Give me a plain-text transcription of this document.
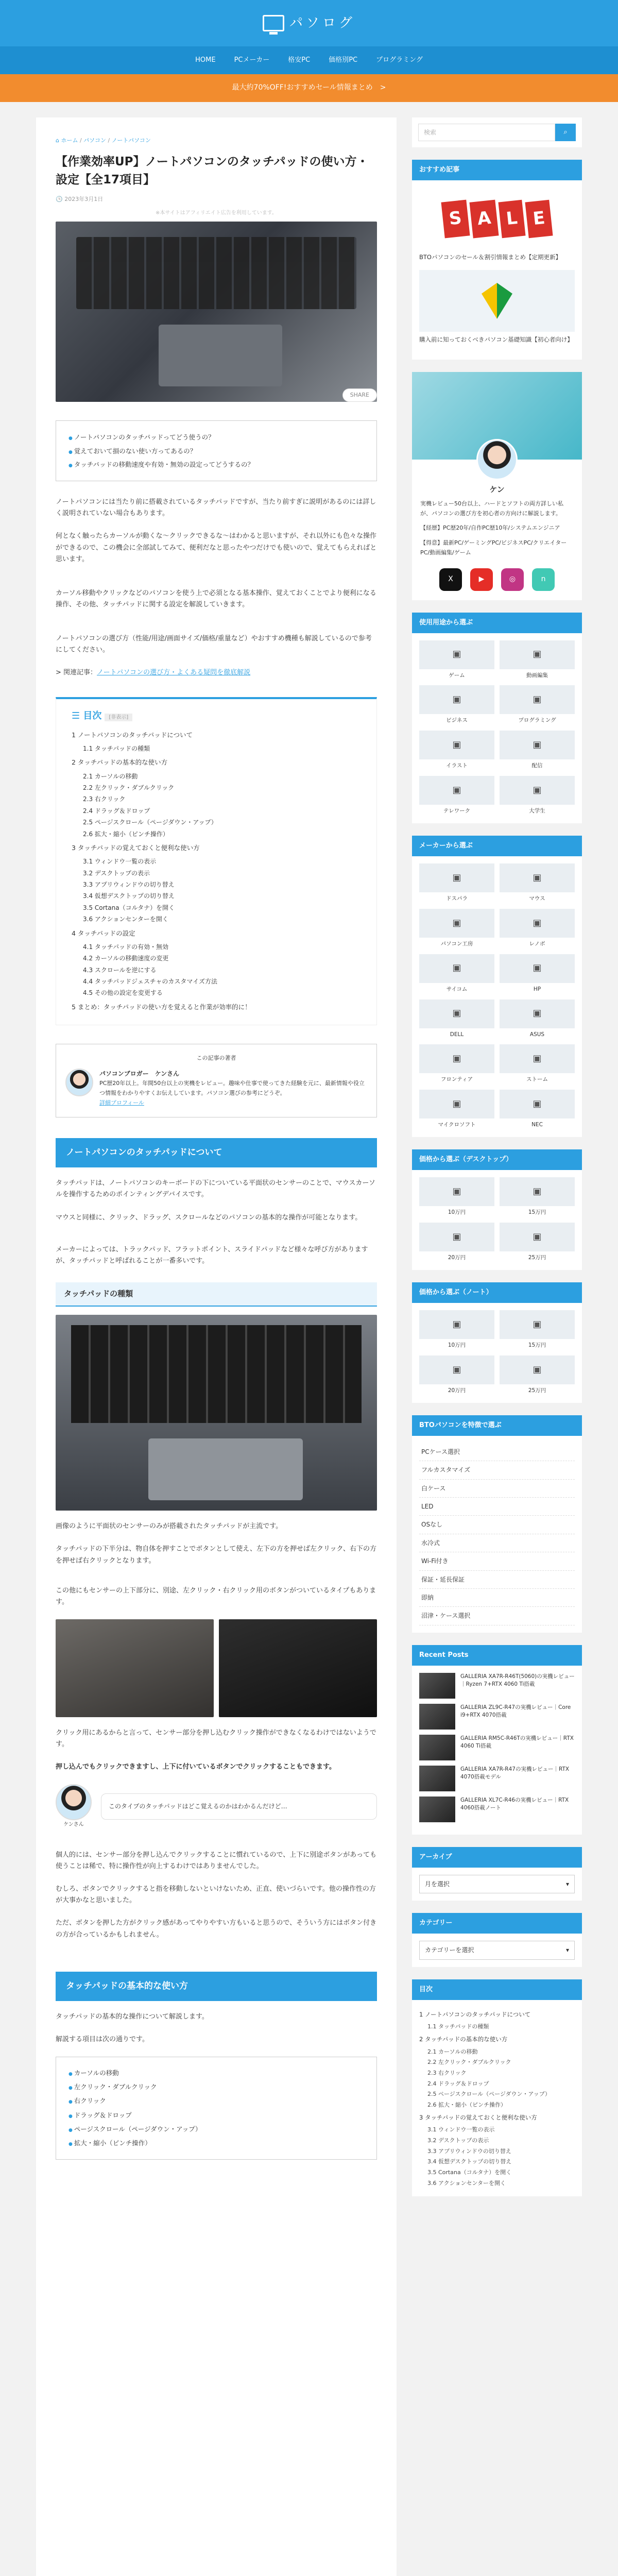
パソログ
HOME	PCメーカー	格安PC	価格別PC	プログラミング
最大約70%OFF!おすすめセール情報まとめ　>
⌂ ホーム / パソコン / ノートパソコン
【作業効率UP】ノートパソコンのタッチパッドの使い方・設定【全17項目】
🕒 2023年3月1日
※本サイトはアフィリエイト広告を利用しています。
SHARE
● ノートパソコンのタッチパッドってどう使うの？
● 覚えておいて損のない使い方ってあるの？
● タッチパッドの移動速度や有効・無効の設定ってどうするの？

ノートパソコンには当たり前に搭載されているタッチパッドですが、当たり前すぎに説明があるのには詳しく説明されていない場合もあります。

何となく触ったらカーソルが動くな～クリックできるな～はわかると思いますが、それ以外にも色々な操作ができるので、この機会に全部試してみて、便利だなと思ったやつだけでも使いので、覚えてもらえればと思います。

カーソル移動やクリックなどのパソコンを使う上で必須となる基本操作、覚えておくことでより便利になる操作、その他、タッチパッドに関する設定を解説していきます。

ノートパソコンの選び方（性能/用途/画面サイズ/価格/重量など）やおすすめ機種も解説しているので参考にしてください。

> 関連記事：ノートパソコンの選び方・よくある疑問を徹底解説

☰ 目次 [非表示]
1 ノートパソコンのタッチパッドについて
1.1 タッチパッドの種類
2 タッチパッドの基本的な使い方
2.1 カーソルの移動
2.2 左クリック・ダブルクリック
2.3 右クリック
2.4 ドラッグ＆ドロップ
2.5 ページスクロール（ページダウン・アップ）
2.6 拡大・縮小（ピンチ操作）
3 タッチパッドの覚えておくと便利な使い方
3.1 ウィンドウ一覧の表示
3.2 デスクトップの表示
3.3 アプリウィンドウの切り替え
3.4 仮想デスクトップの切り替え
3.5 Cortana（コルタナ）を開く
3.6 アクションセンターを開く
4 タッチパッドの設定
4.1 タッチパッドの有効・無効
4.2 カーソルの移動速度の変更
4.3 スクロールを逆にする
4.4 タッチパッドジェスチャのカスタマイズ方法
4.5 その他の設定を変更する
5 まとめ：タッチパッドの使い方を覚えると作業が効率的に！
この記事の著者
パソコンブロガー　ケンさん
PC歴20年以上。年間50台以上の実機をレビュー。趣味や仕事で使ってきた経験を元に、最新情報や役立つ情報をわかりやすくお伝えしています。パソコン選びの参考にどうぞ。
詳細プロフィール
ノートパソコンのタッチパッドについて

タッチパッドは、ノートパソコンのキーボードの下についている平面状のセンサーのことで、マウスカーソルを操作するためのポインティングデバイスです。

マウスと同様に、クリック、ドラッグ、スクロールなどのパソコンの基本的な操作が可能となります。

メーカーによっては、トラックパッド、フラットポイント、スライドパッドなど様々な呼び方がありますが、タッチパッドと呼ばれることが一番多いです。

タッチパッドの種類

画像のように平面状のセンサーのみが搭載されたタッチパッドが主流です。

タッチパッドの下半分は、物自体を押すことでボタンとして使え、左下の方を押せば左クリック、右下の方を押せば右クリックとなります。

この他にもセンサーの上下部分に、別途、左クリック・右クリック用のボタンがついているタイプもあります。

クリック用にあるからと言って、センサー部分を押し込むクリック操作ができなくなるわけではないようです。

押し込んでもクリックできますし、上下に付いているボタンでクリックすることもできます。

ケンさん
このタイプのタッチパッドはどこ覚えるのかはわかるんだけど…

個人的には、センサー部分を押し込んでクリックすることに慣れているので、上下に別途ボタンがあっても使うことは稀で、特に操作性が向上するわけではありませんでした。

むしろ、ボタンでクリックすると指を移動しないといけないため、正直、使いづらいです。他の操作性の方が大事かなと思いました。

ただ、ボタンを押した方がクリック感があってやりやすい方もいると思うので、そういう方にはボタン付きの方が合っているかもしれません。

タッチパッドの基本的な使い方

タッチパッドの基本的な操作について解説します。

解説する項目は次の通りです。

● カーソルの移動
● 左クリック・ダブルクリック
● 右クリック
● ドラッグ＆ドロップ
● ページスクロール（ページダウン・アップ）
● 拡大・縮小（ピンチ操作）
検索	⌕
おすすめ記事
S A L E

BTOパソコンのセール＆割引情報まとめ【定期更新】

購入前に知っておくべきパソコン基礎知識【初心者向け】

ケン

実機レビュー50台以上、ハードとソフトの両方詳しい私が、パソコンの選び方を初心者の方向けに解説します。

【経歴】PC歴20年/自作PC歴10年/システムエンジニア

【得意】最新PC/ゲーミングPC/ビジネスPC/クリエイターPC/動画編集/ゲーム

X	▶	◎	n
使用用途から選ぶ
▣
ゲーム
▣
動画編集
▣
ビジネス
▣
プログラミング
▣
イラスト
▣
配信
▣
テレワーク
▣
大学生
メーカーから選ぶ
▣
ドスパラ
▣
マウス
▣
パソコン工房
▣
レノボ
▣
サイコム
▣
HP
▣
DELL
▣
ASUS
▣
フロンティア
▣
ストーム
▣
マイクロソフト
▣
NEC
価格から選ぶ（デスクトップ）
▣
10万円
▣
15万円
▣
20万円
▣
25万円
価格から選ぶ（ノート）
▣
10万円
▣
15万円
▣
20万円
▣
25万円
BTOパソコンを特徴で選ぶ
PCケース選択
フルカスタマイズ
白ケース
LED
OSなし
水冷式
Wi-Fi付き
保証・延長保証
即納
沼津・ケース選択
Recent Posts

GALLERIA XA7R-R46T(5060)の実機レビュー｜Ryzen 7+RTX 4060 Ti搭載

GALLERIA ZL9C-R47の実機レビュー｜Core i9+RTX 4070搭載

GALLERIA RM5C-R46Tの実機レビュー｜RTX 4060 Ti搭載

GALLERIA XA7R-R47の実機レビュー｜RTX 4070搭載モデル

GALLERIA XL7C-R46の実機レビュー｜RTX 4060搭載ノート

アーカイブ
月を選択	▾
カテゴリー
カテゴリーを選択	▾
目次
1 ノートパソコンのタッチパッドについて
1.1 タッチパッドの種類
2 タッチパッドの基本的な使い方
2.1 カーソルの移動
2.2 左クリック・ダブルクリック
2.3 右クリック
2.4 ドラッグ＆ドロップ
2.5 ページスクロール（ページダウン・アップ）
2.6 拡大・縮小（ピンチ操作）
3 タッチパッドの覚えておくと便利な使い方
3.1 ウィンドウ一覧の表示
3.2 デスクトップの表示
3.3 アプリウィンドウの切り替え
3.4 仮想デスクトップの切り替え
3.5 Cortana（コルタナ）を開く
3.6 アクションセンターを開く
